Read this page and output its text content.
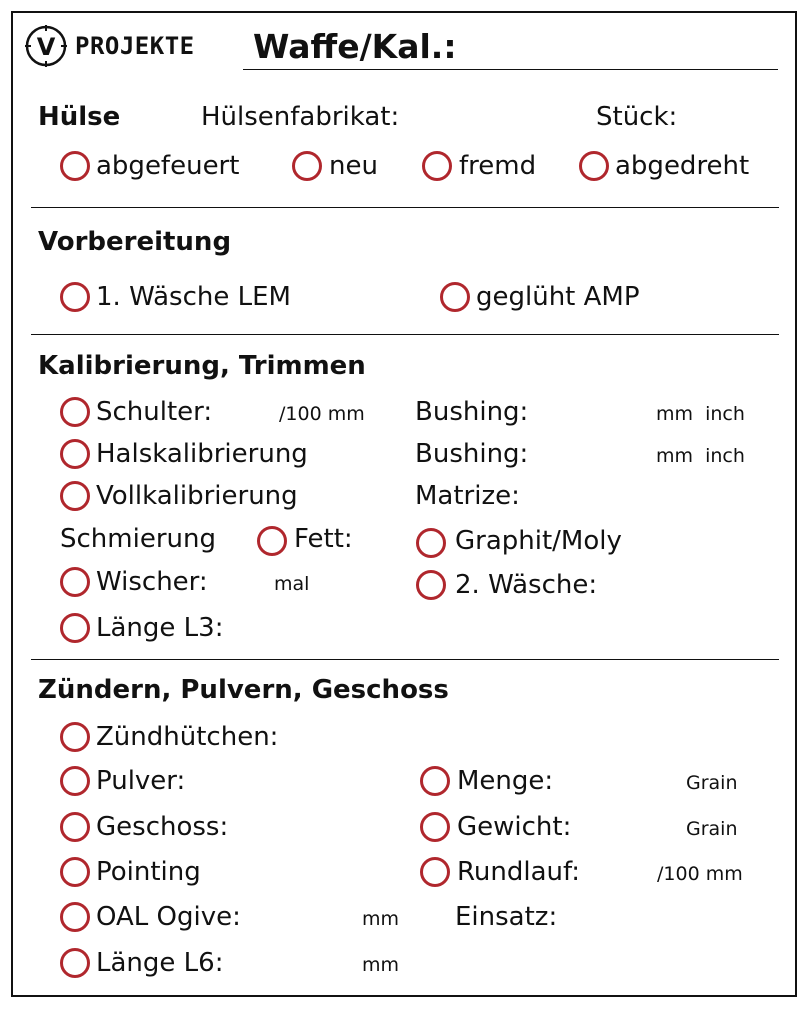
V PROJEKTE Waffe/Kal.:
Hülse	Hülsenfabrikat:	Stück:
abgefeuert	neu	fremd	abgedreht
Vorbereitung
1. Wäsche LEM	geglüht AMP
Kalibrierung, Trimmen
Schulter:	/100 mm Bushing:	mm  inch
Halskalibrierung	Bushing:	mm  inch
Vollkalibrierung	Matrize:
Schmierung	Fett:	Graphit/Moly
Wischer:	mal	2. Wäsche:
Länge L3:
Zündern, Pulvern, Geschoss
Zündhütchen:
Pulver:	Menge:	Grain
Geschoss:	Gewicht:	Grain
Pointing	Rundlauf:	/100 mm
OAL Ogive:	mm Einsatz:
Länge L6:	mm
